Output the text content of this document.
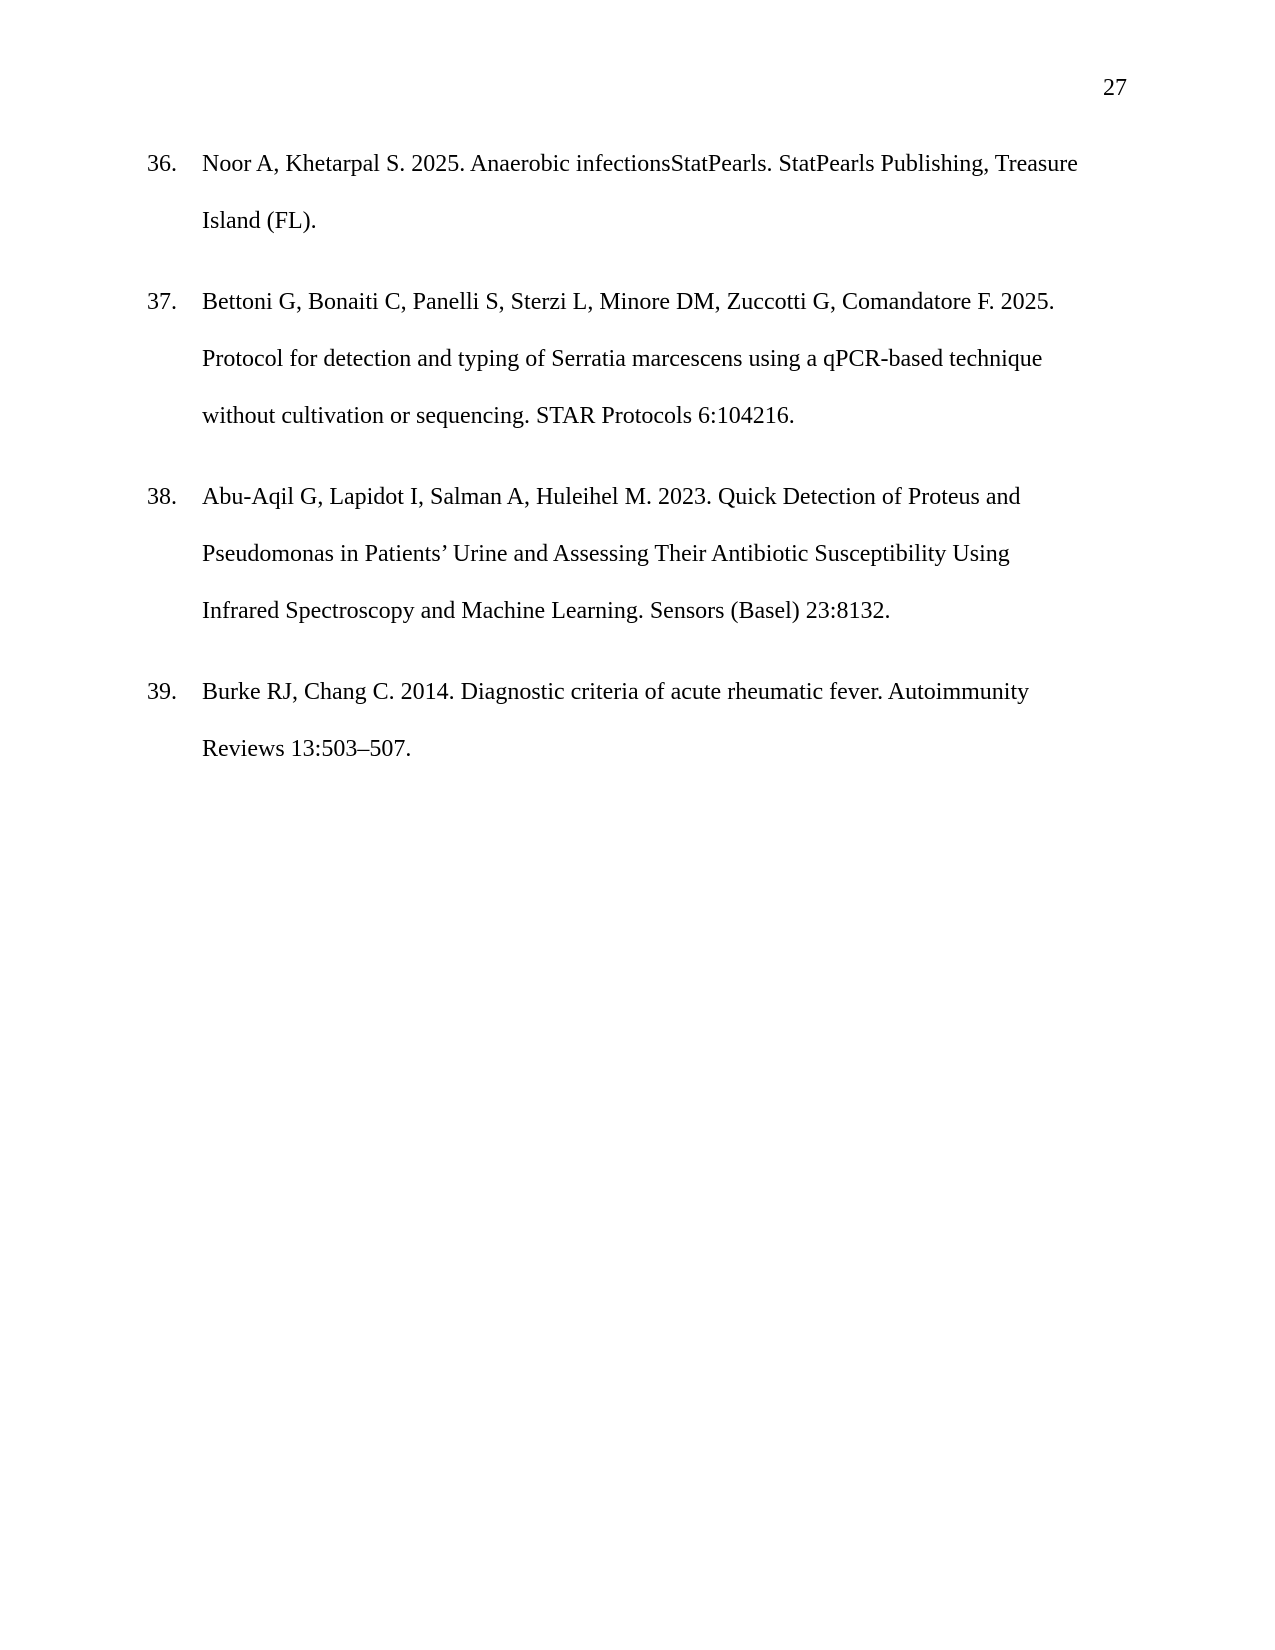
27
36. Noor A, Khetarpal S. 2025. Anaerobic infectionsStatPearls. StatPearls Publishing, Treasure
Island (FL).
37. Bettoni G, Bonaiti C, Panelli S, Sterzi L, Minore DM, Zuccotti G, Comandatore F. 2025.
Protocol for detection and typing of Serratia marcescens using a qPCR-based technique
without cultivation or sequencing. STAR Protocols 6:104216.
38. Abu-Aqil G, Lapidot I, Salman A, Huleihel M. 2023. Quick Detection of Proteus and
Pseudomonas in Patients’ Urine and Assessing Their Antibiotic Susceptibility Using
Infrared Spectroscopy and Machine Learning. Sensors (Basel) 23:8132.
39. Burke RJ, Chang C. 2014. Diagnostic criteria of acute rheumatic fever. Autoimmunity
Reviews 13:503–507.
